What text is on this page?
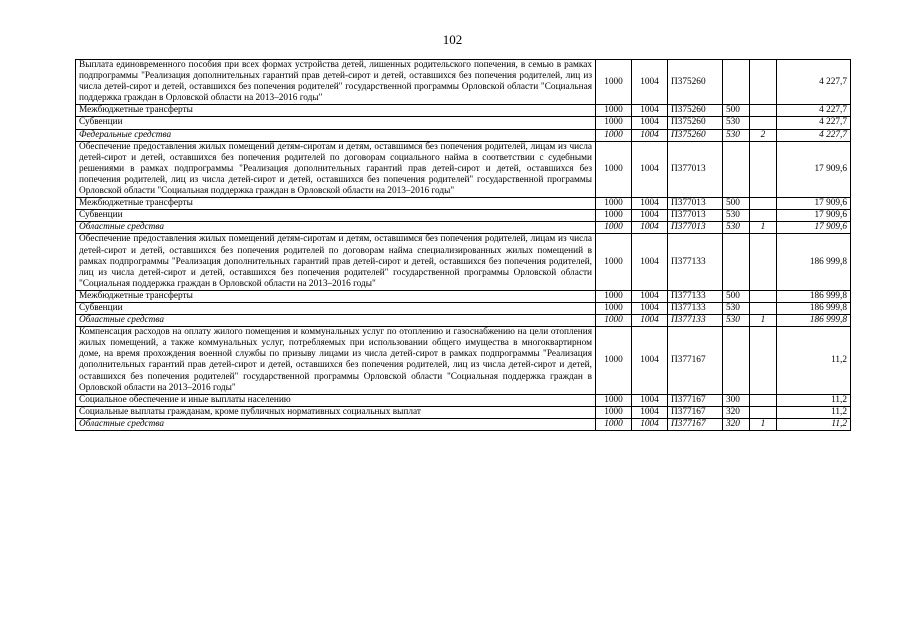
102
Выплата единовременного пособия при всех формах устройства детей, лишенных родительского попечения, в семью в рамках подпрограммы "Реализация дополнительных гарантий прав детей-сирот и детей, оставшихся без попечения родителей, лиц из числа детей-сирот и детей, оставшихся без попечения родителей" государственной программы Орловской области "Социальная поддержка граждан в Орловской области на 2013–2016 годы"	1000	1004	П375260			4 227,7
Межбюджетные трансферты	1000	1004	П375260	500		4 227,7
Субвенции	1000	1004	П375260	530		4 227,7
Федеральные средства	1000	1004	П375260	530	2	4 227,7
Обеспечение предоставления жилых помещений детям-сиротам и детям, оставшимся без попечения родителей, лицам из числа детей-сирот и детей, оставшихся без попечения родителей по договорам социального найма в соответствии с судебными решениями в рамках подпрограммы "Реализация дополнительных гарантий прав детей-сирот и детей, оставшихся без попечения родителей, лиц из числа детей-сирот и детей, оставшихся без попечения родителей" государственной программы Орловской области "Социальная поддержка граждан в Орловской области на 2013–2016 годы"	1000	1004	П377013			17 909,6
Межбюджетные трансферты	1000	1004	П377013	500		17 909,6
Субвенции	1000	1004	П377013	530		17 909,6
Областные средства	1000	1004	П377013	530	1	17 909,6
Обеспечение предоставления жилых помещений детям-сиротам и детям, оставшимся без попечения родителей, лицам из числа детей-сирот и детей, оставшихся без попечения родителей по договорам найма специализированных жилых помещений в рамках подпрограммы "Реализация дополнительных гарантий прав детей-сирот и детей, оставшихся без попечения родителей, лиц из числа детей-сирот и детей, оставшихся без попечения родителей" государственной программы Орловской области "Социальная поддержка граждан в Орловской области на 2013–2016 годы"	1000	1004	П377133			186 999,8
Межбюджетные трансферты	1000	1004	П377133	500		186 999,8
Субвенции	1000	1004	П377133	530		186 999,8
Областные средства	1000	1004	П377133	530	1	186 999,8
Компенсация расходов на оплату жилого помещения и коммунальных услуг по отоплению и газоснабжению на цели отопления жилых помещений, а также коммунальных услуг, потребляемых при использовании общего имущества в многоквартирном доме, на время прохождения военной службы по призыву лицами из числа детей-сирот в рамках подпрограммы "Реализация дополнительных гарантий прав детей-сирот и детей, оставшихся без попечения родителей, лиц из числа детей-сирот и детей, оставшихся без попечения родителей" государственной программы Орловской области "Социальная поддержка граждан в Орловской области на 2013–2016 годы"	1000	1004	П377167			11,2
Социальное обеспечение и иные выплаты населению	1000	1004	П377167	300		11,2
Социальные выплаты гражданам, кроме публичных нормативных социальных выплат	1000	1004	П377167	320		11,2
Областные средства	1000	1004	П377167	320	1	11,2
